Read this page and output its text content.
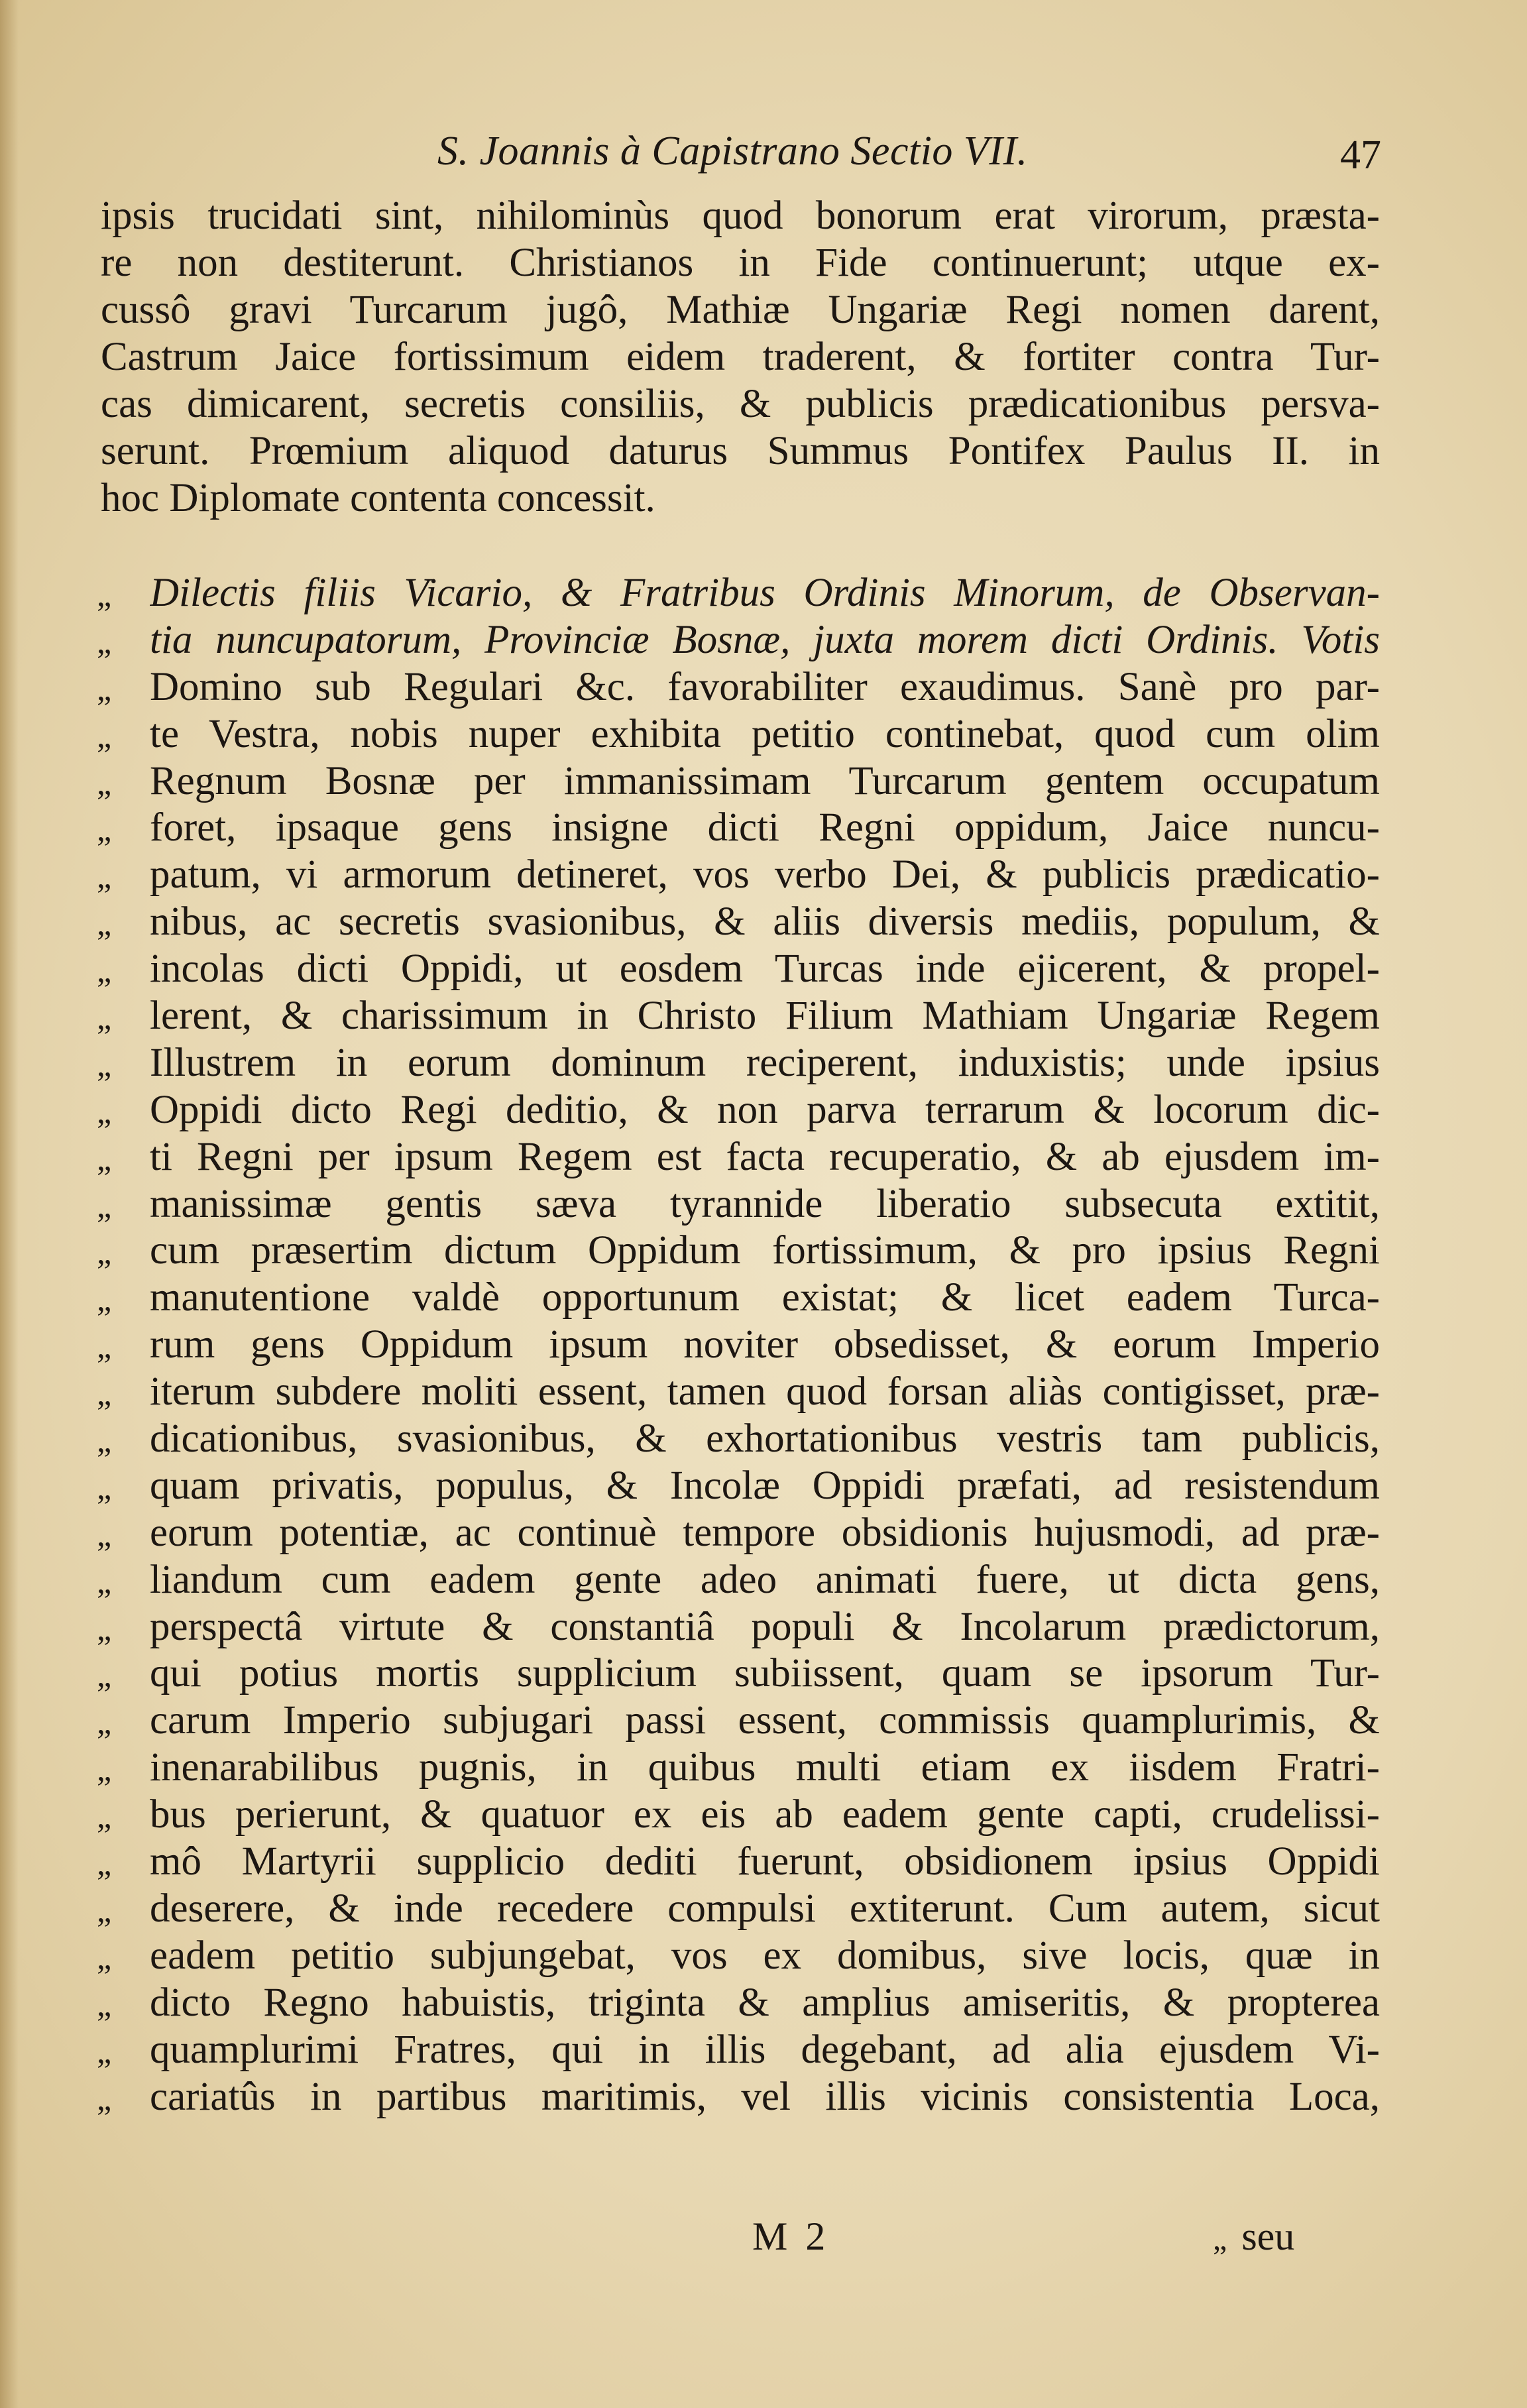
S. Joannis à Capistrano Sectio VII.	47
ipsis trucidati sint, nihilominùs quod bonorum erat virorum, præsta-
re non destiterunt. Christianos in Fide continuerunt; utque ex-
cussô gravi Turcarum jugô, Mathiæ Ungariæ Regi nomen darent,
Castrum Jaice fortissimum eidem traderent, & fortiter contra Tur-
cas dimicarent, secretis consiliis, & publicis prædicationibus persva-
serunt. Prœmium aliquod daturus Summus Pontifex Paulus II. in
hoc Diplomate contenta concessit.
„ Dilectis filiis Vicario, & Fratribus Ordinis Minorum, de Observan-
„ tia nuncupatorum, Provinciæ Bosnæ, juxta morem dicti Ordinis. Votis
„ Domino sub Regulari &c. favorabiliter exaudimus. Sanè pro par-
„ te Vestra, nobis nuper exhibita petitio continebat, quod cum olim
„ Regnum Bosnæ per immanissimam Turcarum gentem occupatum
„ foret, ipsaque gens insigne dicti Regni oppidum, Jaice nuncu-
„ patum, vi armorum detineret, vos verbo Dei, & publicis prædicatio-
„ nibus, ac secretis svasionibus, & aliis diversis mediis, populum, &
„ incolas dicti Oppidi, ut eosdem Turcas inde ejicerent, & propel-
„ lerent, & charissimum in Christo Filium Mathiam Ungariæ Regem
„ Illustrem in eorum dominum reciperent, induxistis; unde ipsius
„ Oppidi dicto Regi deditio, & non parva terrarum & locorum dic-
„ ti Regni per ipsum Regem est facta recuperatio, & ab ejusdem im-
„ manissimæ gentis sæva tyrannide liberatio subsecuta extitit,
„ cum præsertim dictum Oppidum fortissimum, & pro ipsius Regni
„ manutentione valdè opportunum existat; & licet eadem Turca-
„ rum gens Oppidum ipsum noviter obsedisset, & eorum Imperio
„ iterum subdere moliti essent, tamen quod forsan aliàs contigisset, præ-
„ dicationibus, svasionibus, & exhortationibus vestris tam publicis,
„ quam privatis, populus, & Incolæ Oppidi præfati, ad resistendum
„ eorum potentiæ, ac continuè tempore obsidionis hujusmodi, ad præ-
„ liandum cum eadem gente adeo animati fuere, ut dicta gens,
„ perspectâ virtute & constantiâ populi & Incolarum prædictorum,
„ qui potius mortis supplicium subiissent, quam se ipsorum Tur-
„ carum Imperio subjugari passi essent, commissis quamplurimis, &
„ inenarabilibus pugnis, in quibus multi etiam ex iisdem Fratri-
„ bus perierunt, & quatuor ex eis ab eadem gente capti, crudelissi-
„ mô Martyrii supplicio dediti fuerunt, obsidionem ipsius Oppidi
„ deserere, & inde recedere compulsi extiterunt. Cum autem, sicut
„ eadem petitio subjungebat, vos ex domibus, sive locis, quæ in
„ dicto Regno habuistis, triginta & amplius amiseritis, & propterea
„ quamplurimi Fratres, qui in illis degebant, ad alia ejusdem Vi-
„ cariatûs in partibus maritimis, vel illis vicinis consistentia Loca,
M 2	„ seu
